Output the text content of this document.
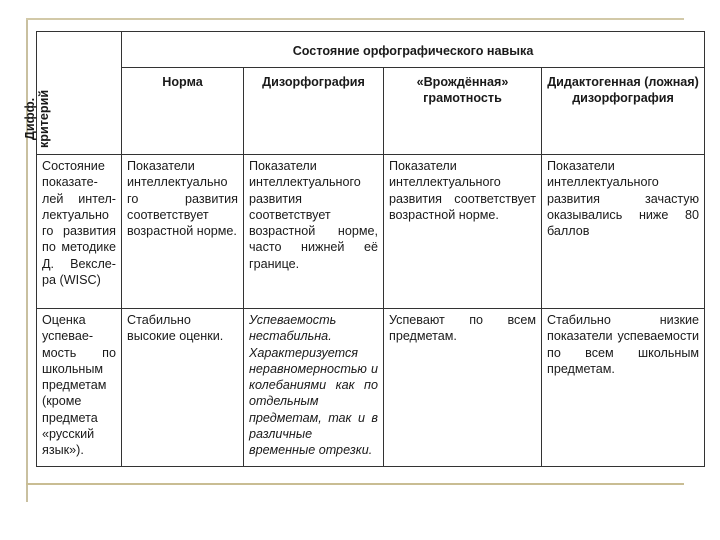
Дифф. критерий	Состояние орфографического навыка			
	Норма	Дизорфография	«Врождённая» грамотность	Дидактогенная (ложная) дизорфография
Состояние показате-лей интел-лектуально го развития по методике Д. Вексле-ра (WISC)	Показатели интеллектуально го развития соответствует возрастной норме.	Показатели интеллектуального развития соответствует возрастной норме, часто нижней её границе.	Показатели интеллектуального развития соответствует возрастной норме.	Показатели интеллектуального развития зачастую оказывались ниже 80 баллов
Оценка успевае-мость по школьным предметам (кроме предмета «русский язык»).	Стабильно высокие оценки.	Успеваемость нестабильна. Характеризуется неравномерностью и колебаниями как по отдельным предметам, так и в различные временные отрезки.	Успевают по всем предметам.	Стабильно низкие показатели успеваемости по всем школьным предметам.
